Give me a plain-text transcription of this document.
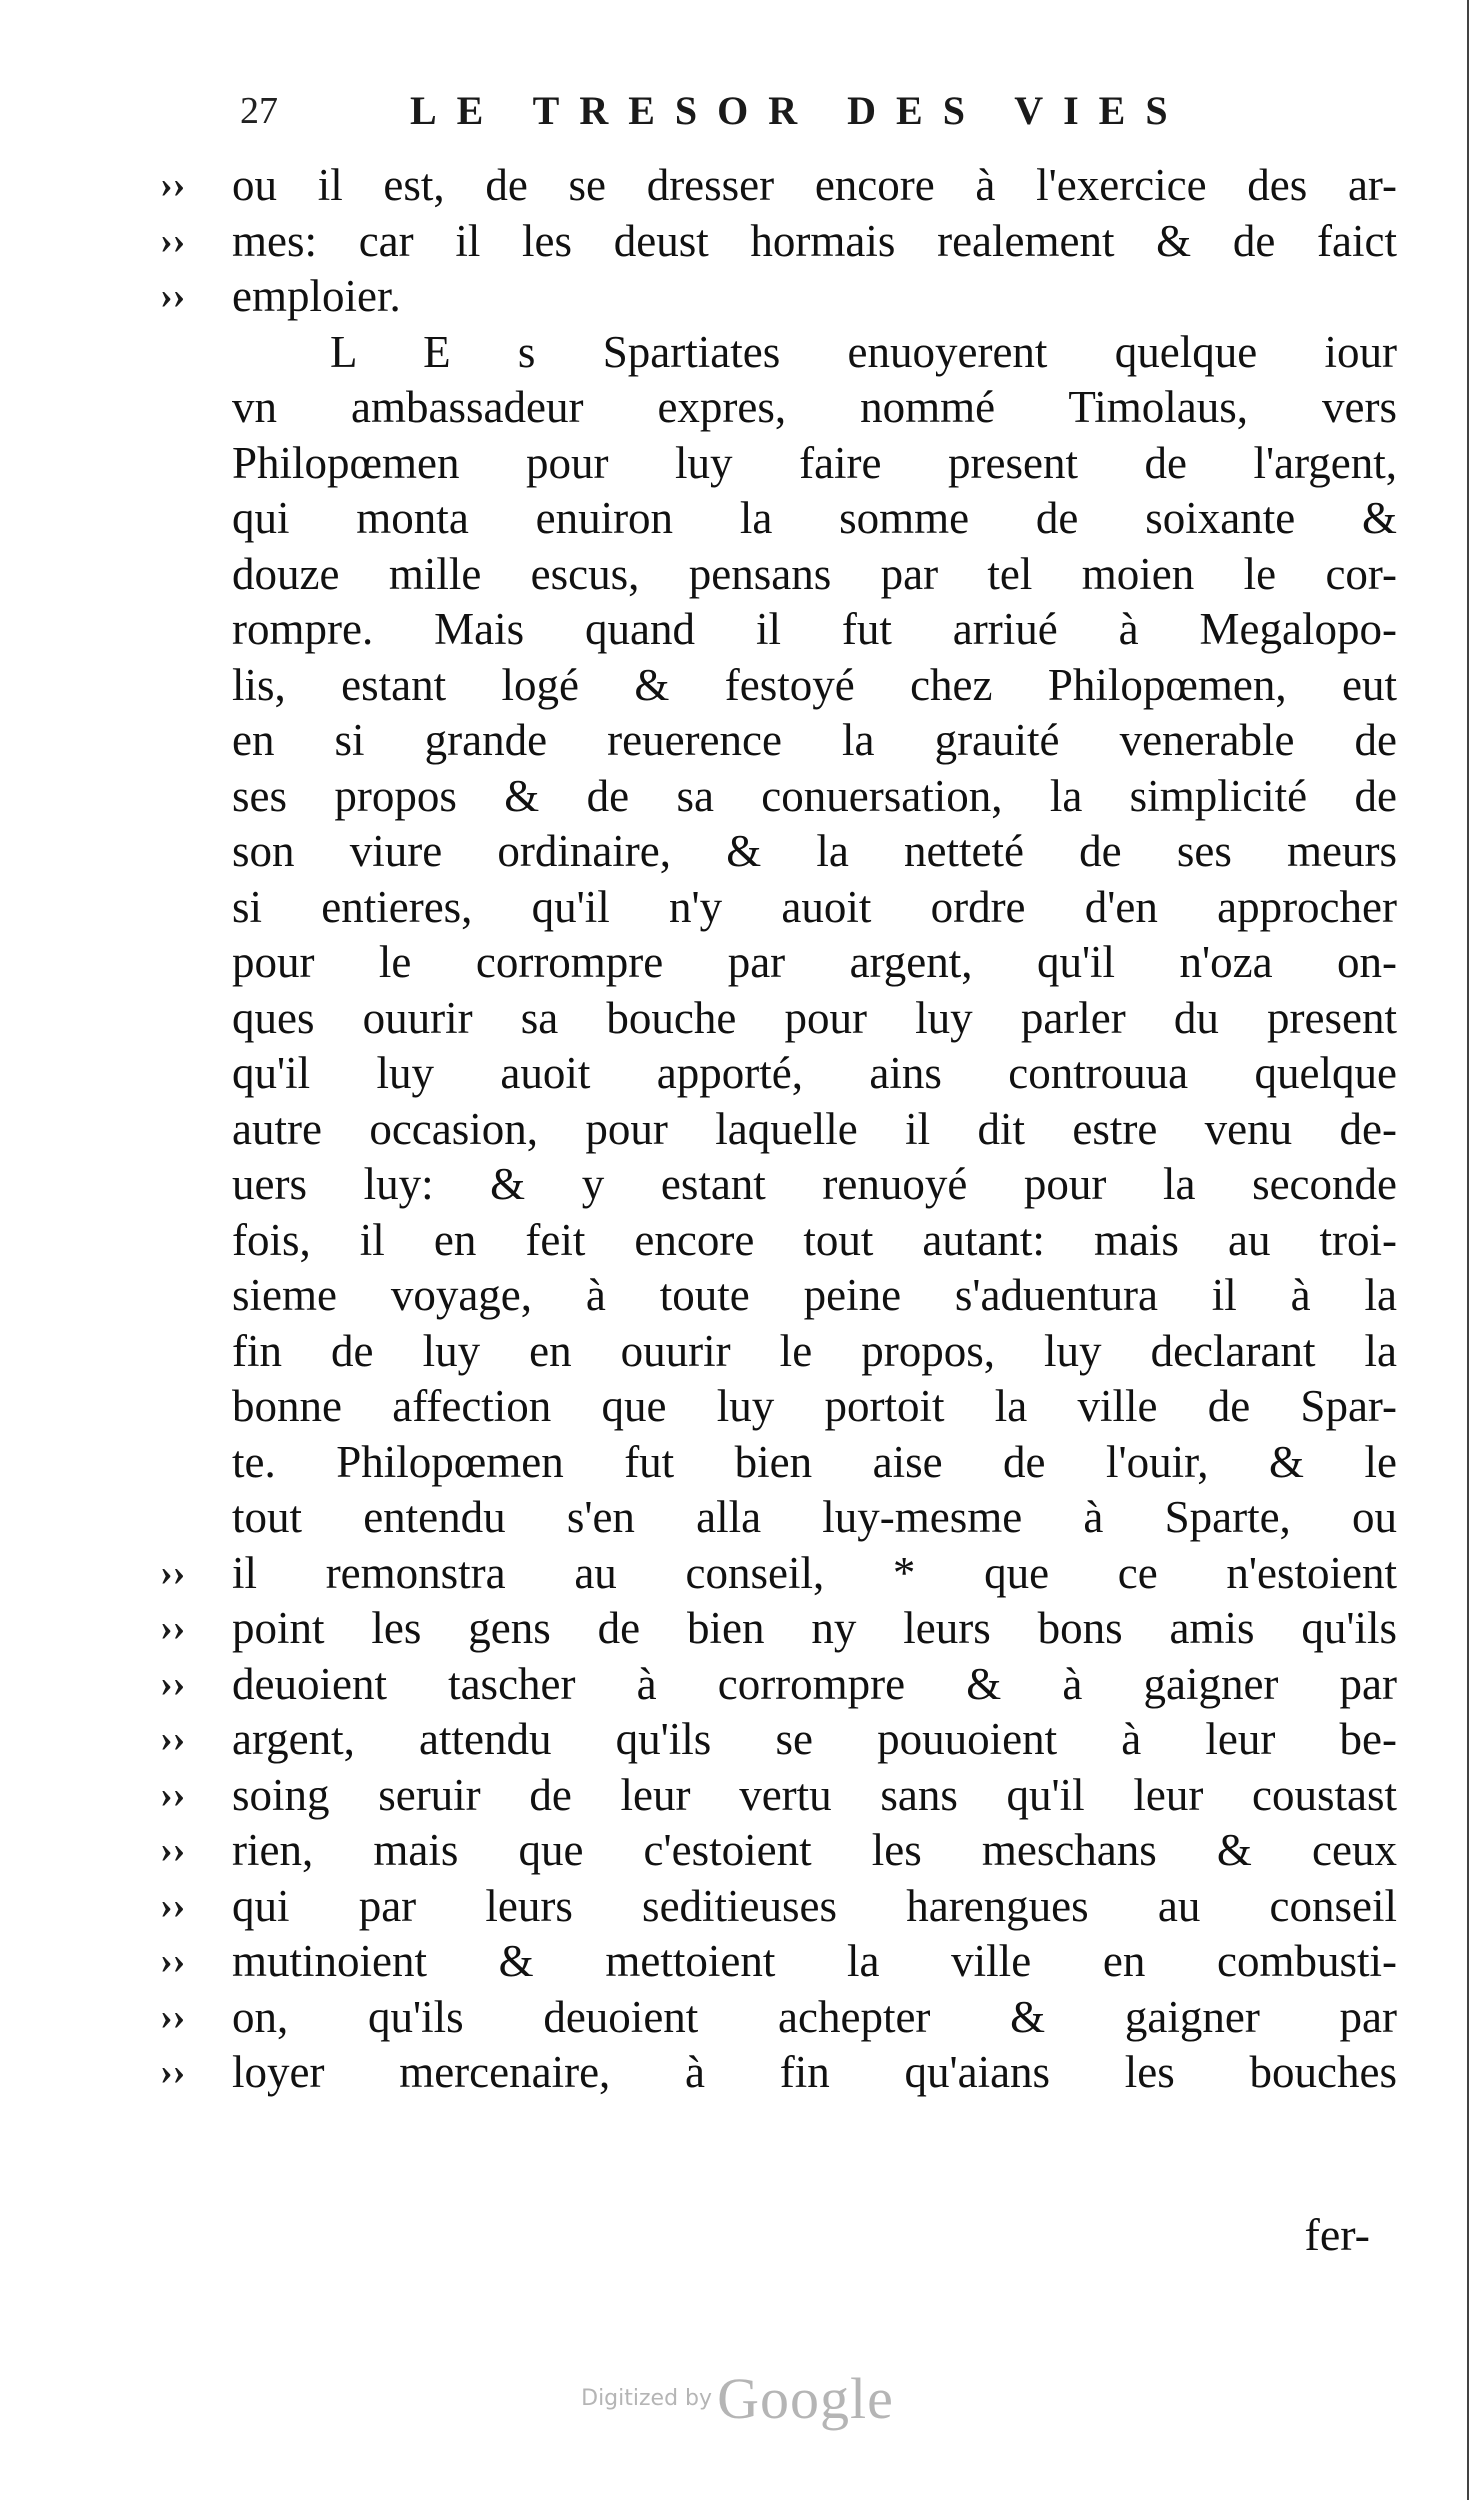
27	LE TRESOR DES VIES
››	ou il est, de se dresser encore à l'exercice des ar-
››	mes: car il les deust hormais realement & de faict
››	emploier.
L E s Spartiates enuoyerent quelque iour
vn ambassadeur expres, nommé Timolaus, vers
Philopœmen pour luy faire present de l'argent,
qui monta enuiron la somme de soixante &
douze mille escus, pensans par tel moien le cor-
rompre. Mais quand il fut arriué à Megalopo-
lis, estant logé & festoyé chez Philopœmen, eut
en si grande reuerence la grauité venerable de
ses propos & de sa conuersation, la simplicité de
son viure ordinaire, & la netteté de ses meurs
si entieres, qu'il n'y auoit ordre d'en approcher
pour le corrompre par argent, qu'il n'oza on-
ques ouurir sa bouche pour luy parler du present
qu'il luy auoit apporté, ains controuua quelque
autre occasion, pour laquelle il dit estre venu de-
uers luy: & y estant renuoyé pour la seconde
fois, il en feit encore tout autant: mais au troi-
sieme voyage, à toute peine s'aduentura il à la
fin de luy en ouurir le propos, luy declarant la
bonne affection que luy portoit la ville de Spar-
te. Philopœmen fut bien aise de l'ouir, & le
tout entendu s'en alla luy-mesme à Sparte, ou
››	il remonstra au conseil, * que ce n'estoient
››	point les gens de bien ny leurs bons amis qu'ils
››	deuoient tascher à corrompre & à gaigner par
››	argent, attendu qu'ils se pouuoient à leur be-
››	soing seruir de leur vertu sans qu'il leur coustast
››	rien, mais que c'estoient les meschans & ceux
››	qui par leurs seditieuses harengues au conseil
››	mutinoient & mettoient la ville en combusti-
››	on, qu'ils deuoient achepter & gaigner par
››	loyer mercenaire, à fin qu'aians les bouches
fer-
Digitized by Google
